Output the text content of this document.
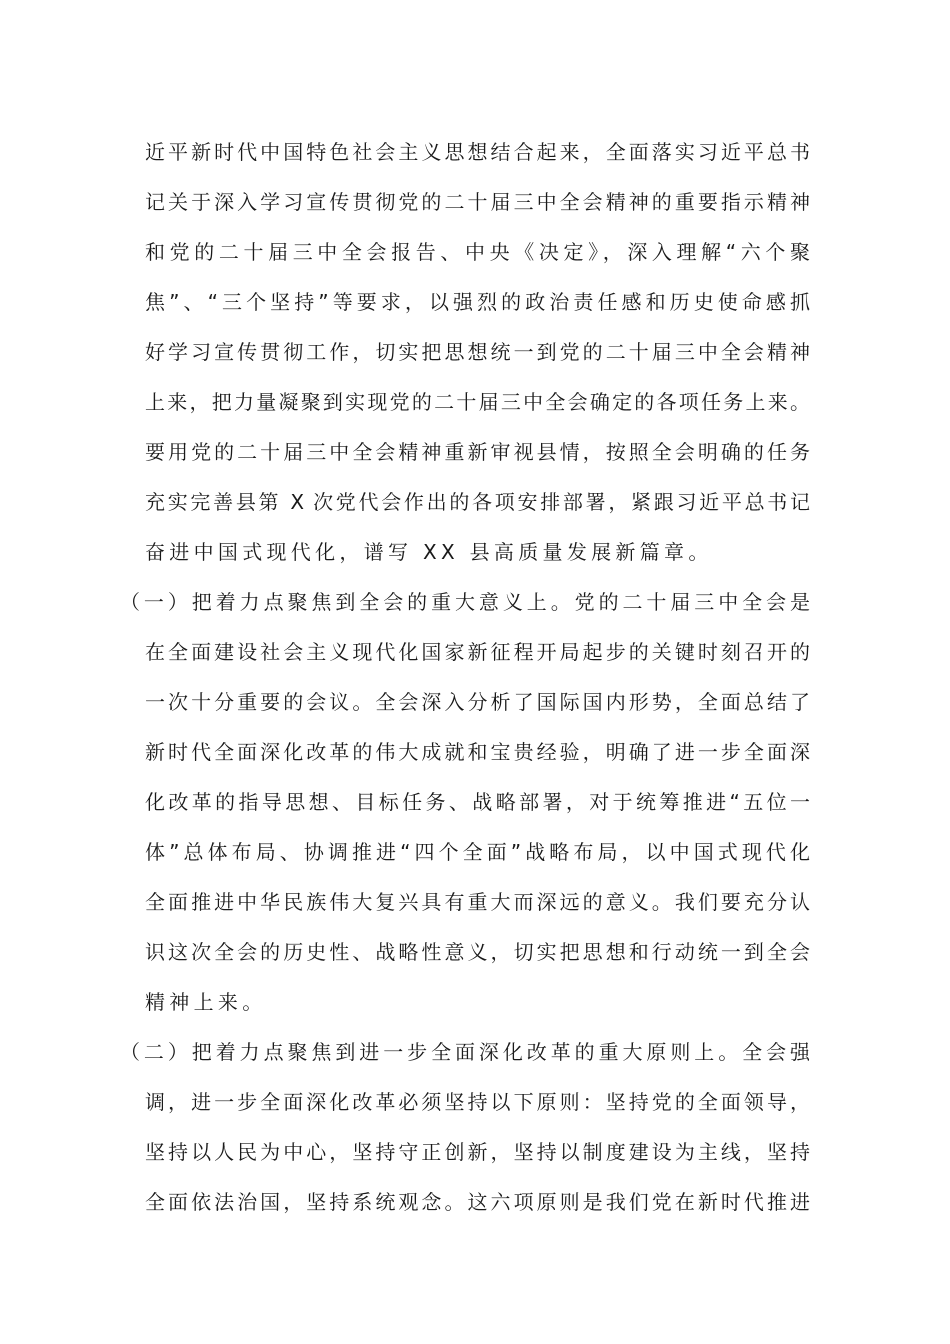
近平新时代中国特色社会主义思想结合起来，全面落实习近平总书
记关于深入学习宣传贯彻党的二十届三中全会精神的重要指示精神
和党的二十届三中全会报告、中央《决定》，深入理解“六个聚
焦”、“三个坚持”等要求，以强烈的政治责任感和历史使命感抓
好学习宣传贯彻工作，切实把思想统一到党的二十届三中全会精神
上来，把力量凝聚到实现党的二十届三中全会确定的各项任务上来。
要用党的二十届三中全会精神重新审视县情，按照全会明确的任务
充实完善县第 X 次党代会作出的各项安排部署，紧跟习近平总书记
奋进中国式现代化，谱写 XX 县高质量发展新篇章。
（一）把着力点聚焦到全会的重大意义上。党的二十届三中全会是
在全面建设社会主义现代化国家新征程开局起步的关键时刻召开的
一次十分重要的会议。全会深入分析了国际国内形势，全面总结了
新时代全面深化改革的伟大成就和宝贵经验，明确了进一步全面深
化改革的指导思想、目标任务、战略部署，对于统筹推进“五位一
体”总体布局、协调推进“四个全面”战略布局，以中国式现代化
全面推进中华民族伟大复兴具有重大而深远的意义。我们要充分认
识这次全会的历史性、战略性意义，切实把思想和行动统一到全会
精神上来。
（二）把着力点聚焦到进一步全面深化改革的重大原则上。全会强
调，进一步全面深化改革必须坚持以下原则：坚持党的全面领导，
坚持以人民为中心，坚持守正创新，坚持以制度建设为主线，坚持
全面依法治国，坚持系统观念。这六项原则是我们党在新时代推进
